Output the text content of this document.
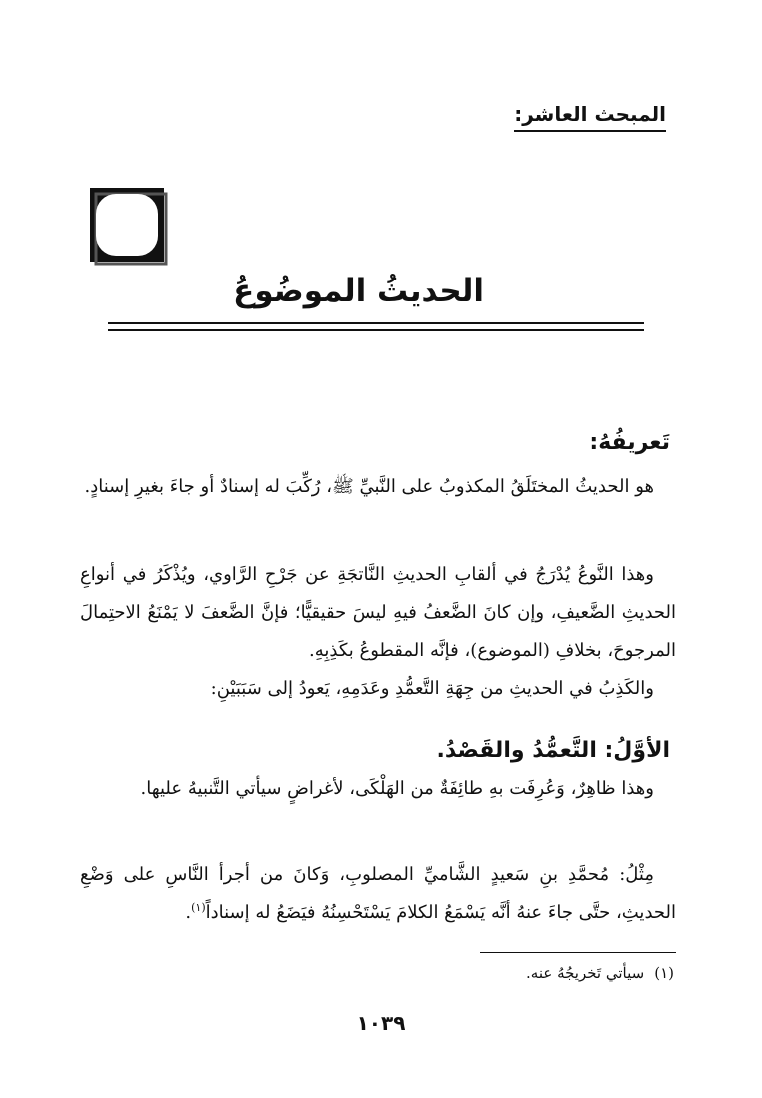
المبحث العاشر:
الحديثُ الموضُوعُ
تَعريفُهُ:
هو الحديثُ المختَلَقُ المكذوبُ على النَّبيِّ ﷺ، رُكِّبَ له إسنادٌ أو جاءَ بغيرِ إسنادٍ.
وهذا النَّوعُ يُدْرَجُ في ألقابِ الحديثِ النَّاتجَةِ عن جَرْحِ الرَّاوي، ويُذْكَرُ في أنواعِ الحديثِ الضَّعيفِ، وإن كانَ الضَّعفُ فيهِ ليسَ حقيقيًّا؛ فإنَّ الضَّعفَ لا يَمْنَعُ الاحتِمالَ المرجوحَ، بخلافِ (الموضوع)، فإنَّه المقطوعُ بكَذِبِهِ.
والكَذِبُ في الحديثِ من جِهَةِ التَّعمُّدِ وعَدَمِهِ، يَعودُ إلى سَبَبَيْنِ:
الأوَّلُ: التَّعمُّدُ والقَصْدُ.
وهذا ظاهِرٌ، وَعُرِفَت بهِ طائِفَةٌ من الهَلْكَى، لأغراضٍ سيأتي التَّنبيهُ عليها.
مِثْلُ: مُحمَّدِ بنِ سَعيدٍ الشَّاميِّ المصلوبِ، وَكانَ من أجرأ النَّاسِ على وَضْعِ الحديثِ، حتَّى جاءَ عنهُ أنَّه يَسْمَعُ الكلامَ يَسْتَحْسِنُهُ فيَضَعُ له إسناداً$^{(١)}$.
(١)سيأتي تَخريجُهُ عنه.
١٠٣٩
